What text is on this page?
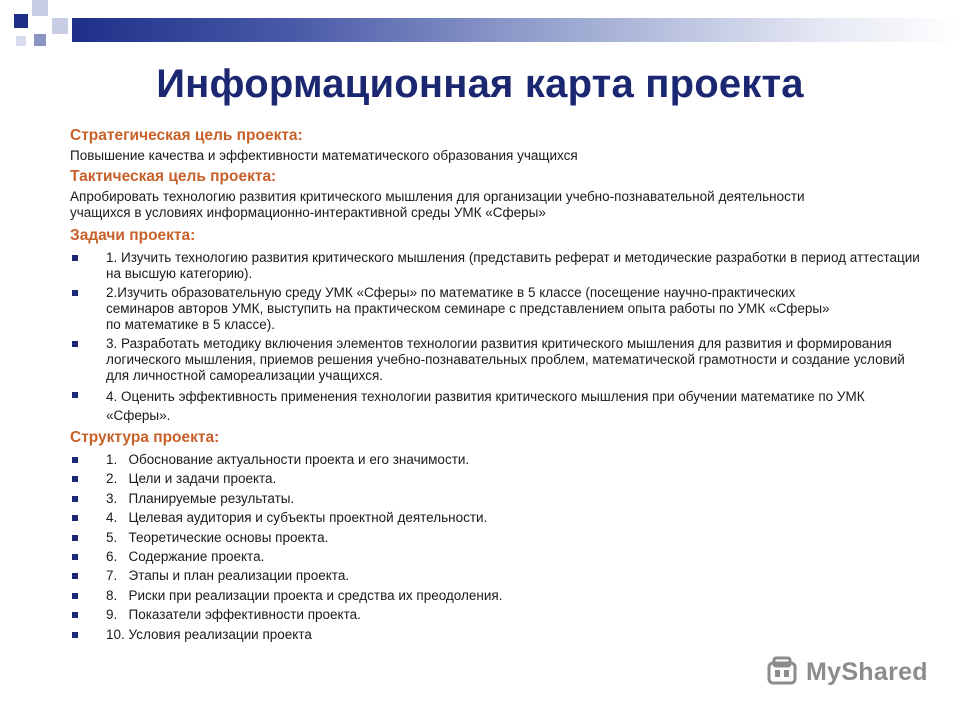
Информационная карта проекта
Стратегическая цель проекта:
Повышение качества и эффективности математического образования учащихся
Тактическая цель проекта:
Апробировать технологию развития критического мышления для организации учебно-познавательной деятельности учащихся в условиях информационно-интерактивной среды УМК «Сферы»
Задачи проекта:
1. Изучить технологию развития критического мышления (представить реферат и методические разработки в период аттестации на высшую категорию).
2.Изучить образовательную среду УМК «Сферы» по математике в 5 классе (посещение научно-практических семинаров авторов УМК, выступить на практическом семинаре с представлением опыта работы по УМК «Сферы» по математике в 5 классе).
3. Разработать методику включения элементов технологии развития критического мышления для развития и формирования логического мышления, приемов решения учебно-познавательных проблем, математической грамотности и создание условий для личностной самореализации учащихся.
4. Оценить эффективность применения технологии развития критического мышления при обучении математике по УМК «Сферы».
Структура проекта:
1.   Обоснование актуальности проекта и его значимости.
2.   Цели и задачи проекта.
3.   Планируемые результаты.
4.   Целевая аудитория и субъекты проектной деятельности.
5.   Теоретические основы проекта.
6.   Содержание проекта.
7.   Этапы и план реализации проекта.
8.   Риски при реализации проекта и средства их преодоления.
9.   Показатели эффективности проекта.
10. Условия реализации проекта
MyShared
